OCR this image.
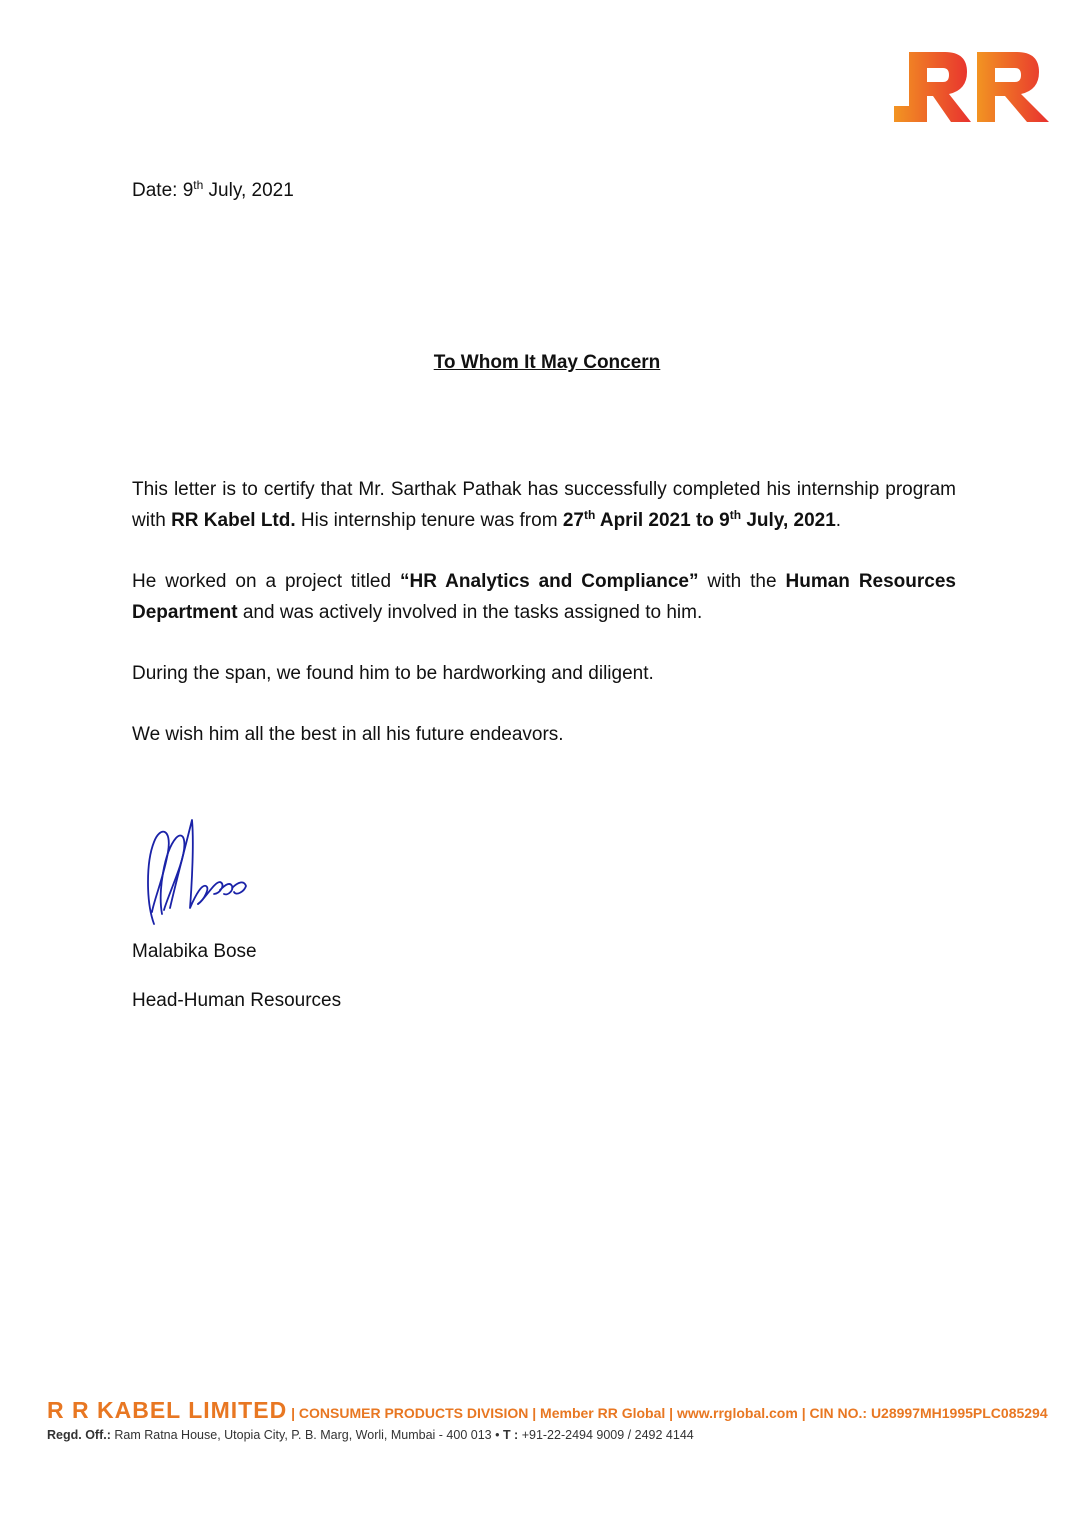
Date: 9th July, 2021
To Whom It May Concern

This letter is to certify that Mr. Sarthak Pathak has successfully completed his internship program with RR Kabel Ltd. His internship tenure was from 27th April 2021 to 9th July, 2021.

He worked on a project titled “HR Analytics and Compliance” with the Human Resources Department and was actively involved in the tasks assigned to him.

During the span, we found him to be hardworking and diligent.

We wish him all the best in all his future endeavors.

Malabika Bose
Head-Human Resources
R R KABEL LIMITED | CONSUMER PRODUCTS DIVISION | Member RR Global | www.rrglobal.com | CIN NO.: U28997MH1995PLC085294
Regd. Off.: Ram Ratna House, Utopia City, P. B. Marg, Worli, Mumbai - 400 013 • T : +91-22-2494 9009 / 2492 4144
